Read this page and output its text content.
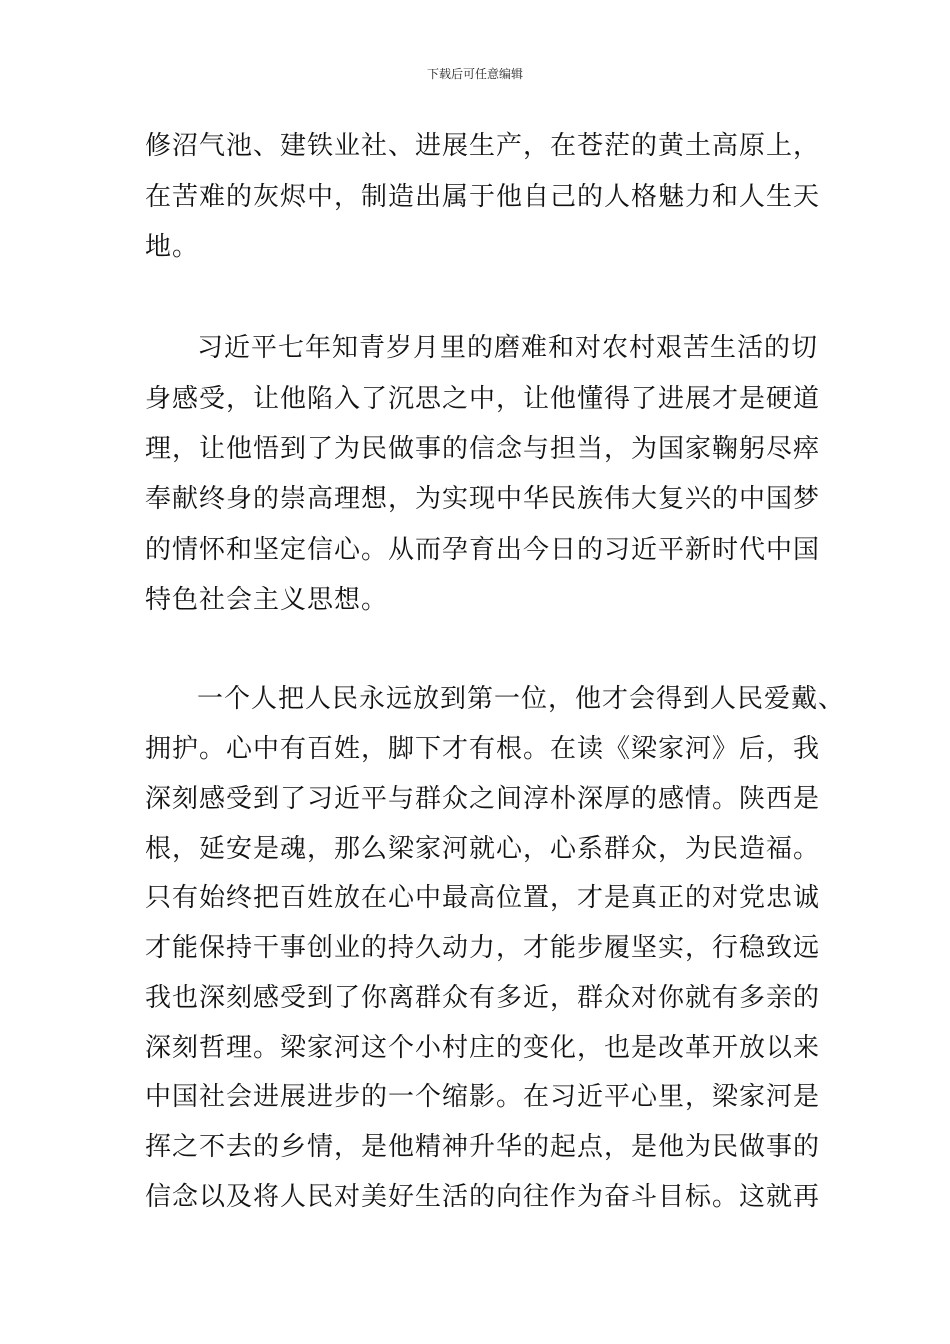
下载后可任意编辑
修沼气池、建铁业社、进展生产，在苍茫的黄土高原上，
在苦难的灰烬中，制造出属于他自己的人格魅力和人生天
地。
习近平七年知青岁月里的磨难和对农村艰苦生活的切
身感受，让他陷入了沉思之中，让他懂得了进展才是硬道
理，让他悟到了为民做事的信念与担当，为国家鞠躬尽瘁
奉献终身的崇高理想，为实现中华民族伟大复兴的中国梦
的情怀和坚定信心。从而孕育出今日的习近平新时代中国
特色社会主义思想。
一个人把人民永远放到第一位，他才会得到人民爱戴、
拥护。心中有百姓，脚下才有根。在读《梁家河》后，我
深刻感受到了习近平与群众之间淳朴深厚的感情。陕西是
根，延安是魂，那么梁家河就心，心系群众，为民造福。
只有始终把百姓放在心中最高位置，才是真正的对党忠诚
才能保持干事创业的持久动力，才能步履坚实，行稳致远
我也深刻感受到了你离群众有多近，群众对你就有多亲的
深刻哲理。梁家河这个小村庄的变化，也是改革开放以来
中国社会进展进步的一个缩影。在习近平心里，梁家河是
挥之不去的乡情，是他精神升华的起点，是他为民做事的
信念以及将人民对美好生活的向往作为奋斗目标。这就再
